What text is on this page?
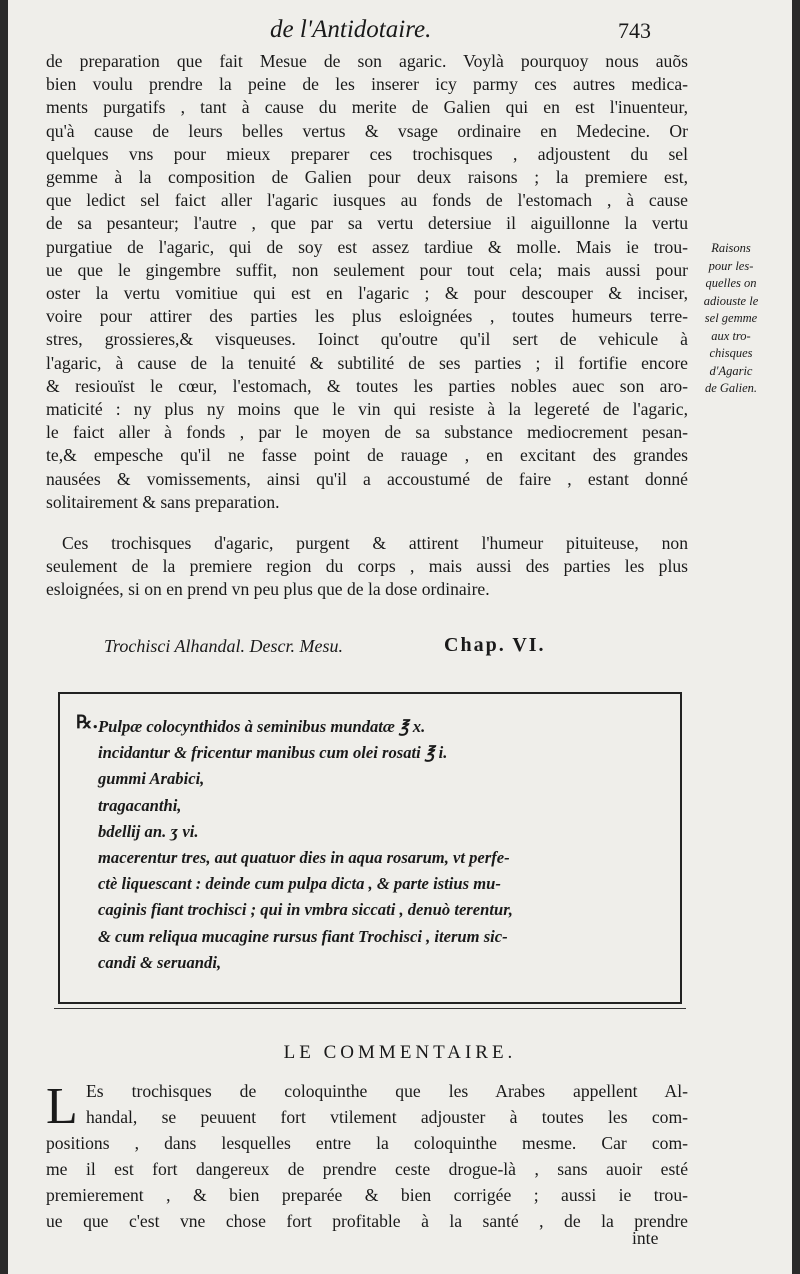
de l'Antidotaire.	743
de preparation que fait Mesue de son agaric. Voylà pourquoy nous auõs
bien voulu prendre la peine de les inserer icy parmy ces autres medica-
ments purgatifs , tant à cause du merite de Galien qui en est l'inuenteur,
qu'à cause de leurs belles vertus & vsage ordinaire en Medecine. Or
quelques vns pour mieux preparer ces trochisques , adjoustent du sel
gemme à la composition de Galien pour deux raisons ; la premiere est,
que ledict sel faict aller l'agaric iusques au fonds de l'estomach , à cause
de sa pesanteur; l'autre , que par sa vertu detersiue il aiguillonne la vertu
purgatiue de l'agaric, qui de soy est assez tardiue & molle. Mais ie trou-
ue que le gingembre suffit, non seulement pour tout cela; mais aussi pour
oster la vertu vomitiue qui est en l'agaric ; & pour descouper & inciser,
voire pour attirer des parties les plus esloignées , toutes humeurs terre-
stres, grossieres,& visqueuses. Ioinct qu'outre qu'il sert de vehicule à
l'agaric, à cause de la tenuité & subtilité de ses parties ; il fortifie encore
& resiouïst le cœur, l'estomach, & toutes les parties nobles auec son aro-
maticité : ny plus ny moins que le vin qui resiste à la legereté de l'agaric,
le faict aller à fonds , par le moyen de sa substance mediocrement pesan-
te,& empesche qu'il ne fasse point de rauage , en excitant des grandes
nausées & vomissements, ainsi qu'il a accoustumé de faire , estant donné
solitairement & sans preparation.
Raisons
pour les-
quelles on
adiouste le
sel gemme
aux tro-
chisques
d'Agaric
de Galien.
Ces trochisques d'agaric, purgent & attirent l'humeur pituiteuse, non
seulement de la premiere region du corps , mais aussi des parties les plus
esloignées, si on en prend vn peu plus que de la dose ordinaire.
Trochisci Alhandal. Descr. Mesu.	Chap. VI.
℞. Pulpæ colocynthidos à seminibus mundatæ ℥ x.
incidantur & fricentur manibus cum olei rosati ℥ i.
gummi Arabici,
tragacanthi,
bdellij an. ʒ vi.
macerentur tres, aut quatuor dies in aqua rosarum, vt perfe-
ctè liquescant : deinde cum pulpa dicta , & parte istius mu-
caginis fiant trochisci ; qui in vmbra siccati , denuò terentur,
& cum reliqua mucagine rursus fiant Trochisci , iterum sic-
candi & seruandi,
LE COMMENTAIRE.
L Es trochisques de coloquinthe que les Arabes appellent Al-
handal, se peuuent fort vtilement adjouster à toutes les com-
positions , dans lesquelles entre la coloquinthe mesme. Car com-
me il est fort dangereux de prendre ceste drogue-là , sans auoir esté
premierement , & bien preparée & bien corrigée ; aussi ie trou-
ue que c'est vne chose fort profitable à la santé , de la prendre
inte
